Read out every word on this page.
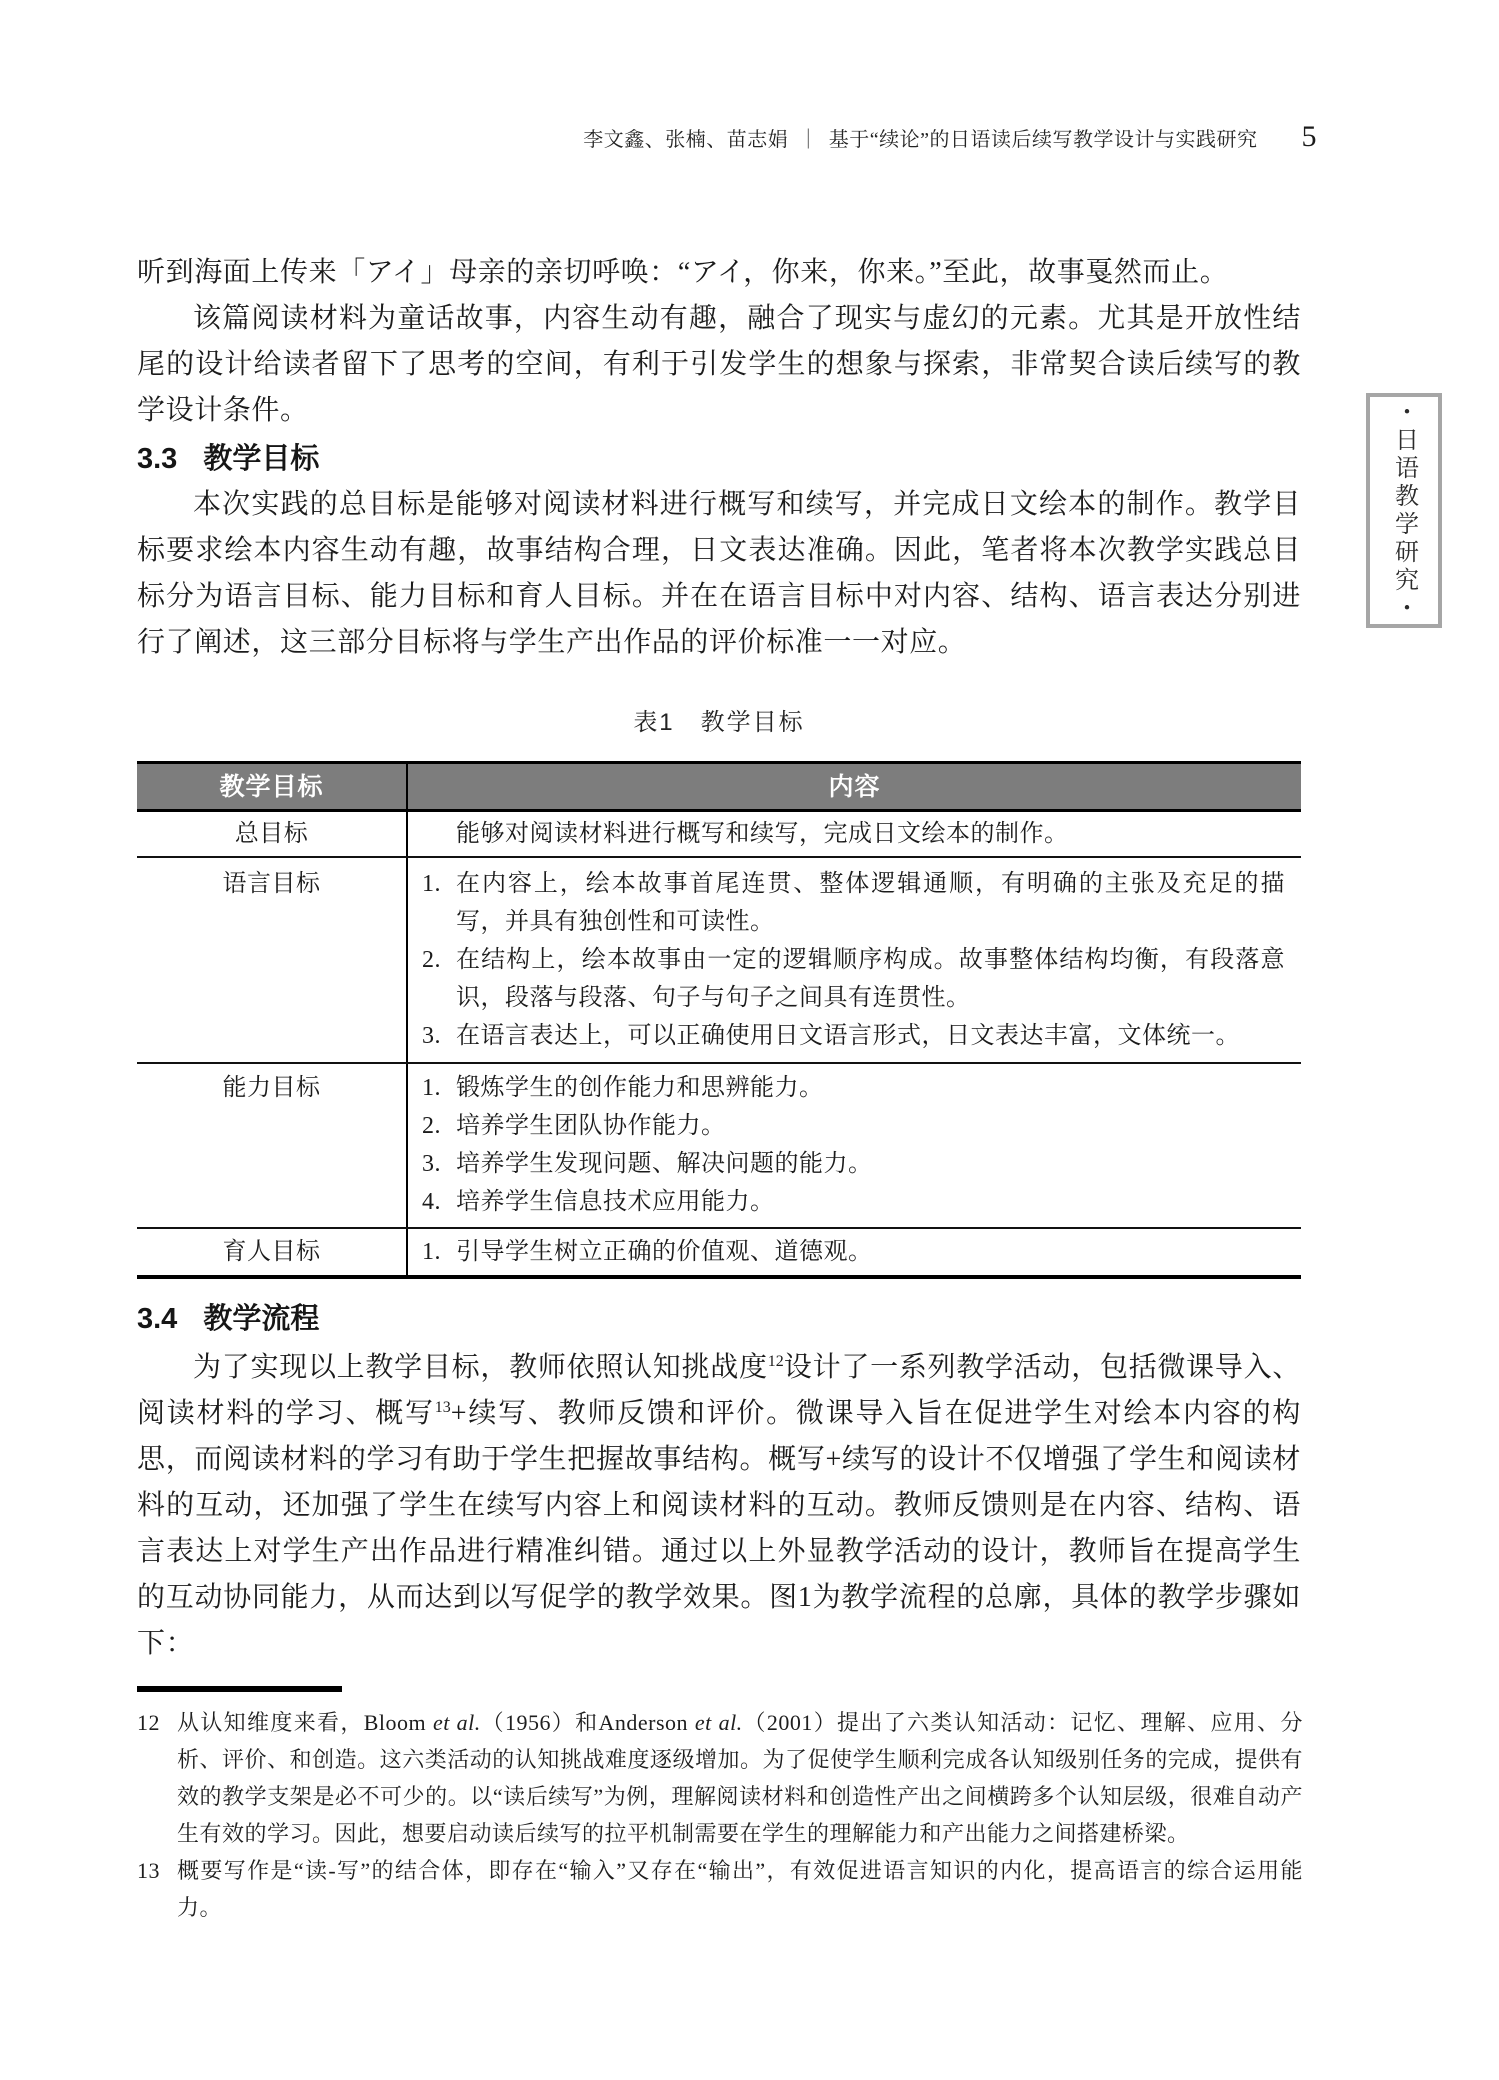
李文鑫、张楠、苗志娟 ｜ 基于“续论”的日语读后续写教学设计与实践研究 5
・日语教学研究・

听到海面上传来「アイ」母亲的亲切呼唤：“アイ，你来，你来。”至此，故事戛然而止。

该篇阅读材料为童话故事，内容生动有趣，融合了现实与虚幻的元素。尤其是开放性结尾的设计给读者留下了思考的空间，有利于引发学生的想象与探索，非常契合读后续写的教学设计条件。

3.3 教学目标

本次实践的总目标是能够对阅读材料进行概写和续写，并完成日文绘本的制作。教学目标要求绘本内容生动有趣，故事结构合理，日文表达准确。因此，笔者将本次教学实践总目标分为语言目标、能力目标和育人目标。并在在语言目标中对内容、结构、语言表达分别进行了阐述，这三部分目标将与学生产出作品的评价标准一一对应。

表1　教学目标
教学目标	内容
总目标	能够对阅读材料进行概写和续写，完成日文绘本的制作。
语言目标	1. 在内容上，绘本故事首尾连贯、整体逻辑通顺，有明确的主张及充足的描写，并具有独创性和可读性。
2. 在结构上，绘本故事由一定的逻辑顺序构成。故事整体结构均衡，有段落意识，段落与段落、句子与句子之间具有连贯性。
3. 在语言表达上，可以正确使用日文语言形式，日文表达丰富，文体统一。
能力目标	1. 锻炼学生的创作能力和思辨能力。
2. 培养学生团队协作能力。
3. 培养学生发现问题、解决问题的能力。
4. 培养学生信息技术应用能力。
育人目标	1. 引导学生树立正确的价值观、道德观。
3.4 教学流程

为了实现以上教学目标，教师依照认知挑战度$^{12}$设计了一系列教学活动，包括微课导入、阅读材料的学习、概写$^{13}$+续写、教师反馈和评价。微课导入旨在促进学生对绘本内容的构思，而阅读材料的学习有助于学生把握故事结构。概写+续写的设计不仅增强了学生和阅读材料的互动，还加强了学生在续写内容上和阅读材料的互动。教师反馈则是在内容、结构、语言表达上对学生产出作品进行精准纠错。通过以上外显教学活动的设计，教师旨在提高学生的互动协同能力，从而达到以写促学的教学效果。图1为教学流程的总廓，具体的教学步骤如下：

12 从认知维度来看，Bloom et al.（1956）和Anderson et al.（2001）提出了六类认知活动：记忆、理解、应用、分析、评价、和创造。这六类活动的认知挑战难度逐级增加。为了促使学生顺利完成各认知级别任务的完成，提供有效的教学支架是必不可少的。以“读后续写”为例，理解阅读材料和创造性产出之间横跨多个认知层级，很难自动产生有效的学习。因此，想要启动读后续写的拉平机制需要在学生的理解能力和产出能力之间搭建桥梁。
13 概要写作是“读-写”的结合体，即存在“输入”又存在“输出”，有效促进语言知识的内化，提高语言的综合运用能力。
